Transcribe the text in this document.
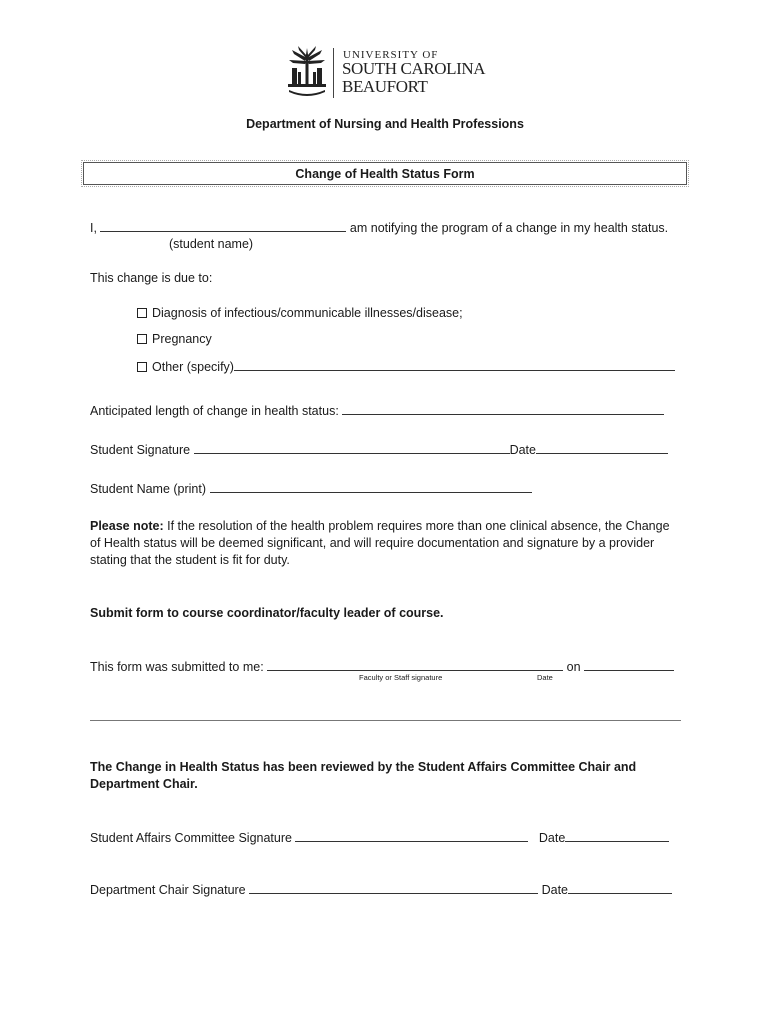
UNIVERSITY OF
SOUTH CAROLINA
BEAUFORT
Department of Nursing and Health Professions
Change of Health Status Form
I,	am notifying the program of a change in my health status.
(student name)
This change is due to:
Diagnosis of infectious/communicable illnesses/disease;
Pregnancy
Other (specify)
Anticipated length of change in health status:
Student Signature	Date
Student Name (print)
Please note: If the resolution of the health problem requires more than one clinical absence, the Change
of Health status will be deemed significant, and will require documentation and signature by a provider
stating that the student is fit for duty.
Submit form to course coordinator/faculty leader of course.
This form was submitted to me:	on
Faculty or Staff signature	Date
The Change in Health Status has been reviewed by the Student Affairs Committee Chair and
Department Chair.
Student Affairs Committee Signature	Date
Department Chair Signature	Date
